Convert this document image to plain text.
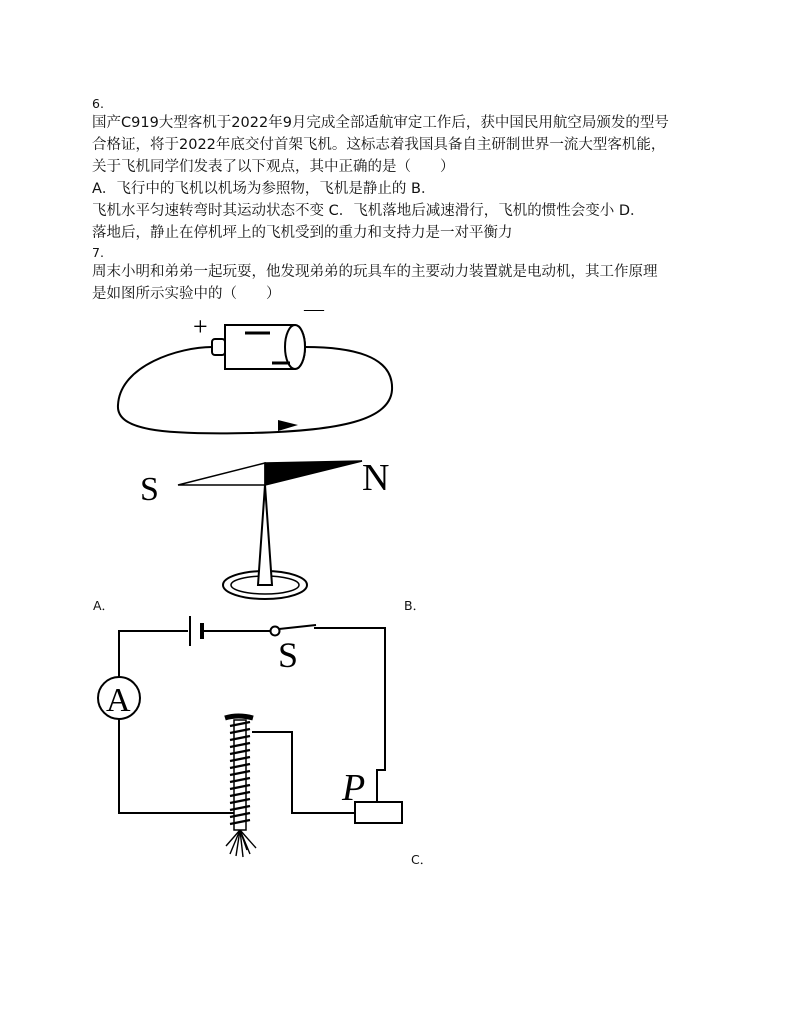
6.
国产C919大型客机于2022年9月完成全部适航审定工作后，获中国民用航空局颁发的型号
合格证，将于2022年底交付首架飞机。这标志着我国具备自主研制世界一流大型客机能，
关于飞机同学们发表了以下观点，其中正确的是（　　）
A．飞行中的飞机以机场为参照物，飞机是静止的 B．
飞机水平匀速转弯时其运动状态不变 C．飞机落地后减速滑行，飞机的惯性会变小 D．
落地后，静止在停机坪上的飞机受到的重力和支持力是一对平衡力
7.
周末小明和弟弟一起玩耍，他发现弟弟的玩具车的主要动力装置就是电动机，其工作原理
是如图所示实验中的（　　）
+
—
S	N
A．	B．
S
A
P
C．
